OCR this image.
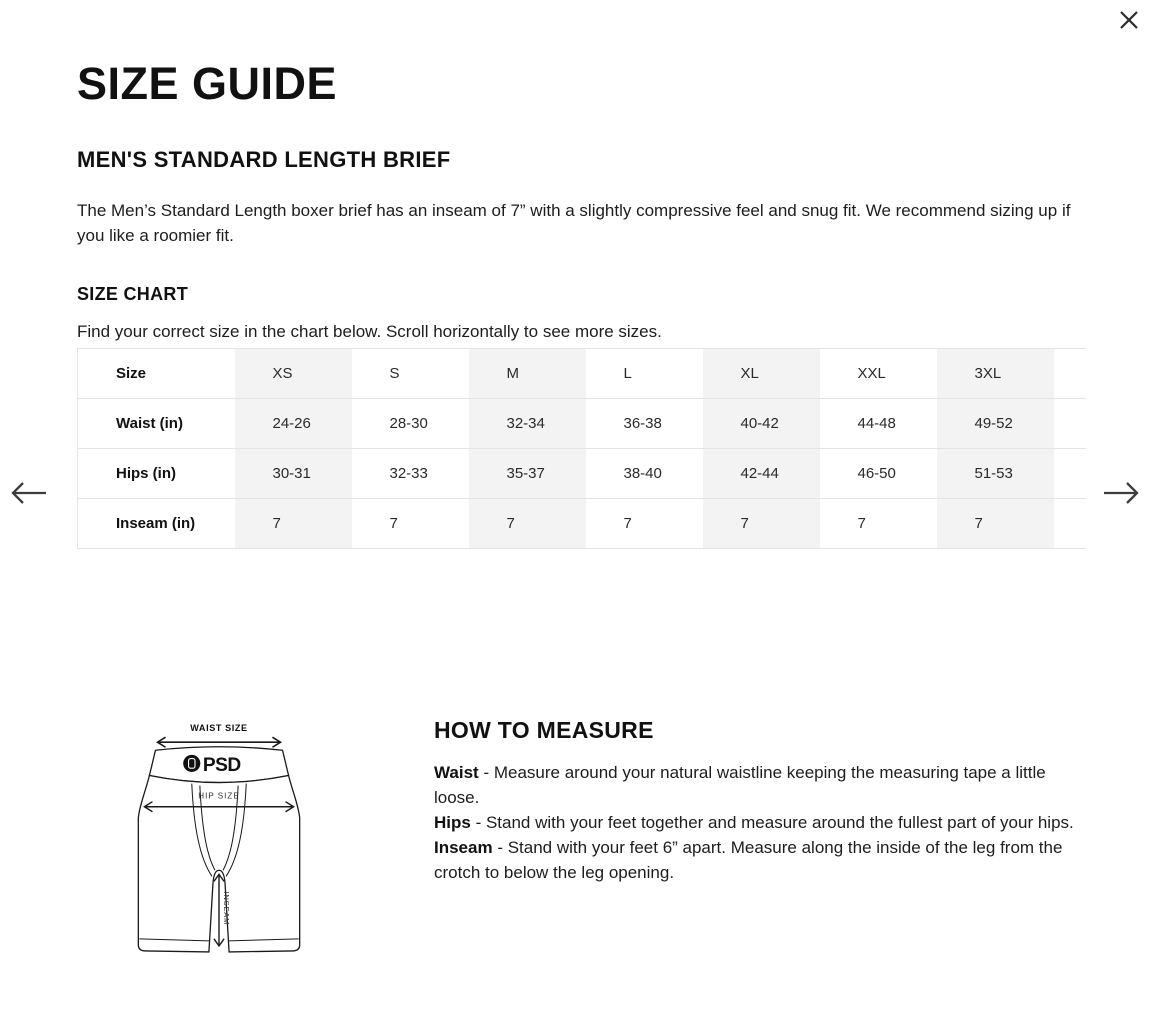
SIZE GUIDE
MEN'S STANDARD LENGTH BRIEF

The Men’s Standard Length boxer brief has an inseam of 7” with a slightly compressive feel and snug fit. We recommend sizing up if you like a roomier fit.

SIZE CHART

Find your correct size in the chart below. Scroll horizontally to see more sizes.

Size	XS	S	M	L	XL	XXL	3XL	
Waist (in)	24-26	28-30	32-34	36-38	40-42	44-48	49-52	
Hips (in)	30-31	32-33	35-37	38-40	42-44	46-50	51-53	
Inseam (in)	7	7	7	7	7	7	7	
PSD
WAIST SIZE
HIP SIZE
INSEAM
HOW TO MEASURE

Waist - Measure around your natural waistline keeping the measuring tape a little loose.

Hips - Stand with your feet together and measure around the fullest part of your hips.

Inseam - Stand with your feet 6” apart. Measure along the inside of the leg from the crotch to below the leg opening.
